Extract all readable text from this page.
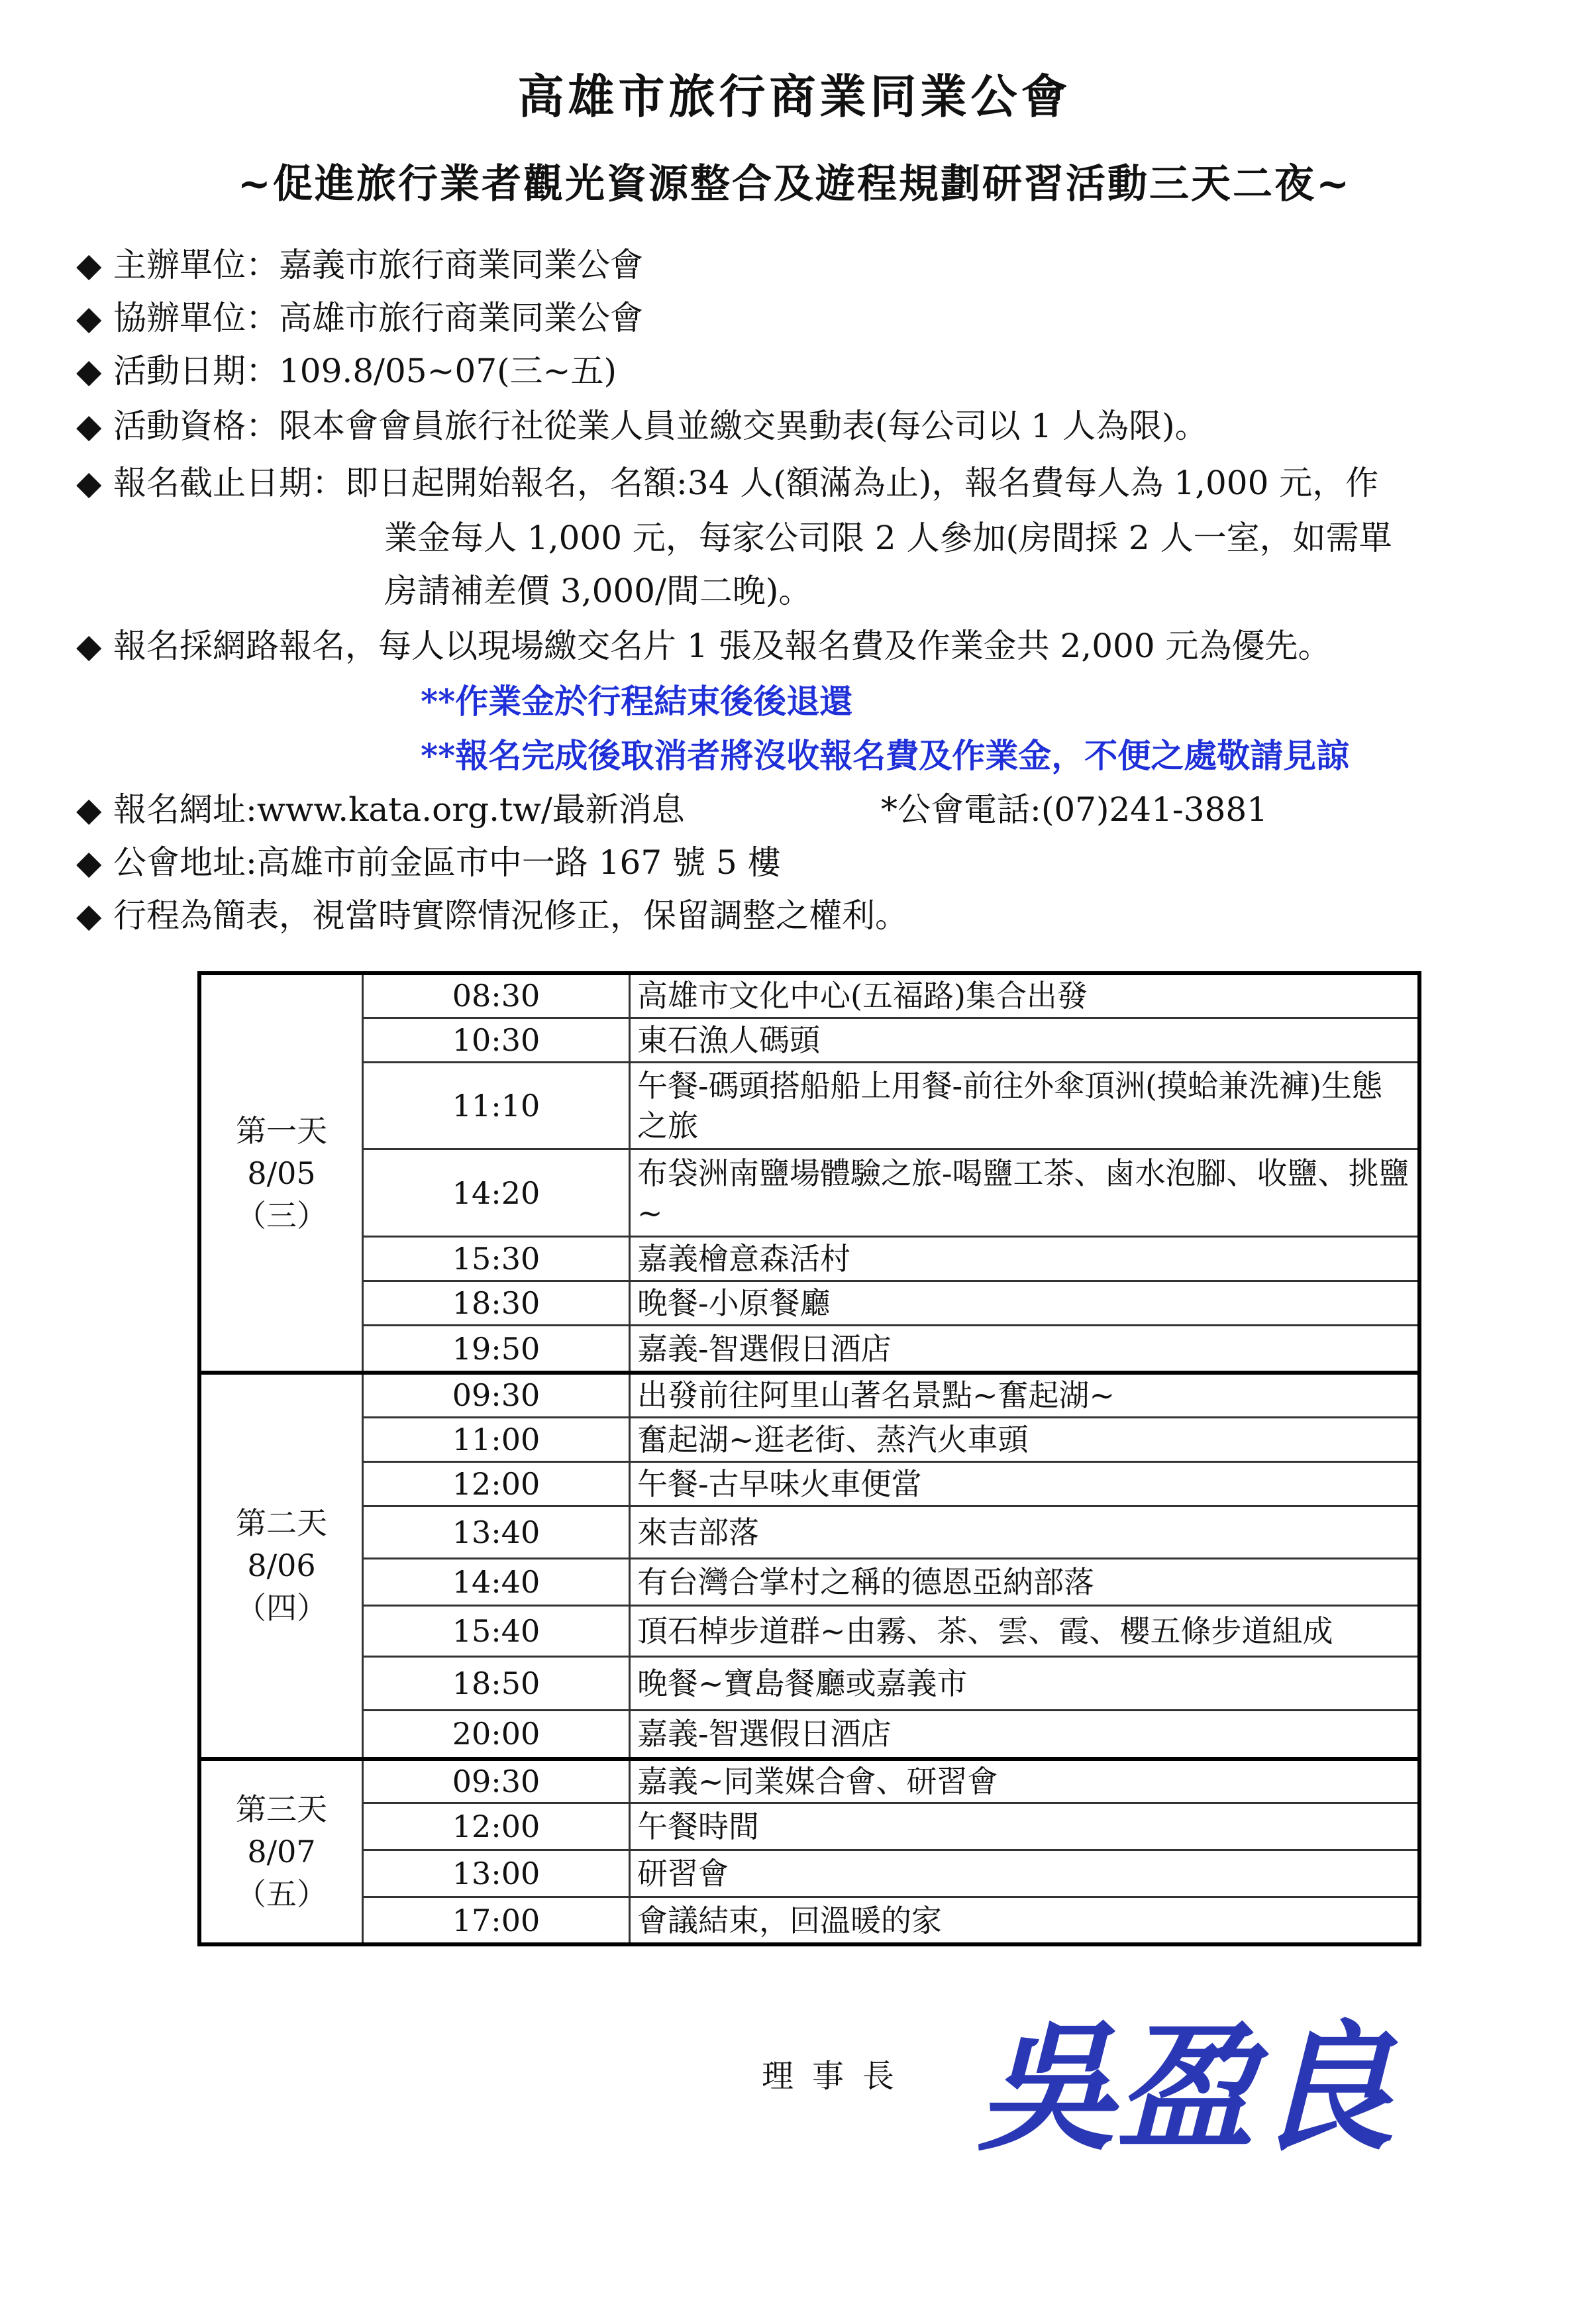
高雄市旅行商業同業公會
~促進旅行業者觀光資源整合及遊程規劃研習活動三天二夜~
◆ 主辦單位：嘉義市旅行商業同業公會
◆ 協辦單位：高雄市旅行商業同業公會
◆ 活動日期：109.8/05~07(三~五)
◆ 活動資格：限本會會員旅行社從業人員並繳交異動表(每公司以 1 人為限)。
◆ 報名截止日期：即日起開始報名，名額:34 人(額滿為止)，報名費每人為 1,000 元，作
業金每人 1,000 元，每家公司限 2 人參加(房間採 2 人一室，如需單
房請補差價 3,000/間二晚)。
◆ 報名採網路報名，每人以現場繳交名片 1 張及報名費及作業金共 2,000 元為優先。
**作業金於行程結束後後退還
**報名完成後取消者將沒收報名費及作業金，不便之處敬請見諒
◆ 報名網址:www.kata.org.tw/最新消息	*公會電話:(07)241-3881
◆ 公會地址:高雄市前金區市中一路 167 號 5 樓
◆ 行程為簡表，視當時實際情況修正，保留調整之權利。
第一天
8/05
（三）	08:30	高雄市文化中心(五福路)集合出發
	10:30	東石漁人碼頭
	11:10	午餐-碼頭搭船船上用餐-前往外傘頂洲(摸蛤兼洗褲)生態之旅
	14:20	布袋洲南鹽場體驗之旅-喝鹽工茶、鹵水泡腳、收鹽、挑鹽~
	15:30	嘉義檜意森活村
	18:30	晚餐-小原餐廳
	19:50	嘉義-智選假日酒店

第二天
8/06
（四）	09:30	出發前往阿里山著名景點~奮起湖~
	11:00	奮起湖~逛老街、蒸汽火車頭
	12:00	午餐-古早味火車便當
	13:40	來吉部落
	14:40	有台灣合掌村之稱的德恩亞納部落
	15:40	頂石棹步道群~由霧、茶、雲、霞、櫻五條步道組成
	18:50	晚餐~寶島餐廳或嘉義市
	20:00	嘉義-智選假日酒店

第三天
8/07
（五）	09:30	嘉義~同業媒合會、研習會
	12:00	午餐時間
	13:00	研習會
	17:00	會議結束，回溫暖的家
理事長 吳盈良
